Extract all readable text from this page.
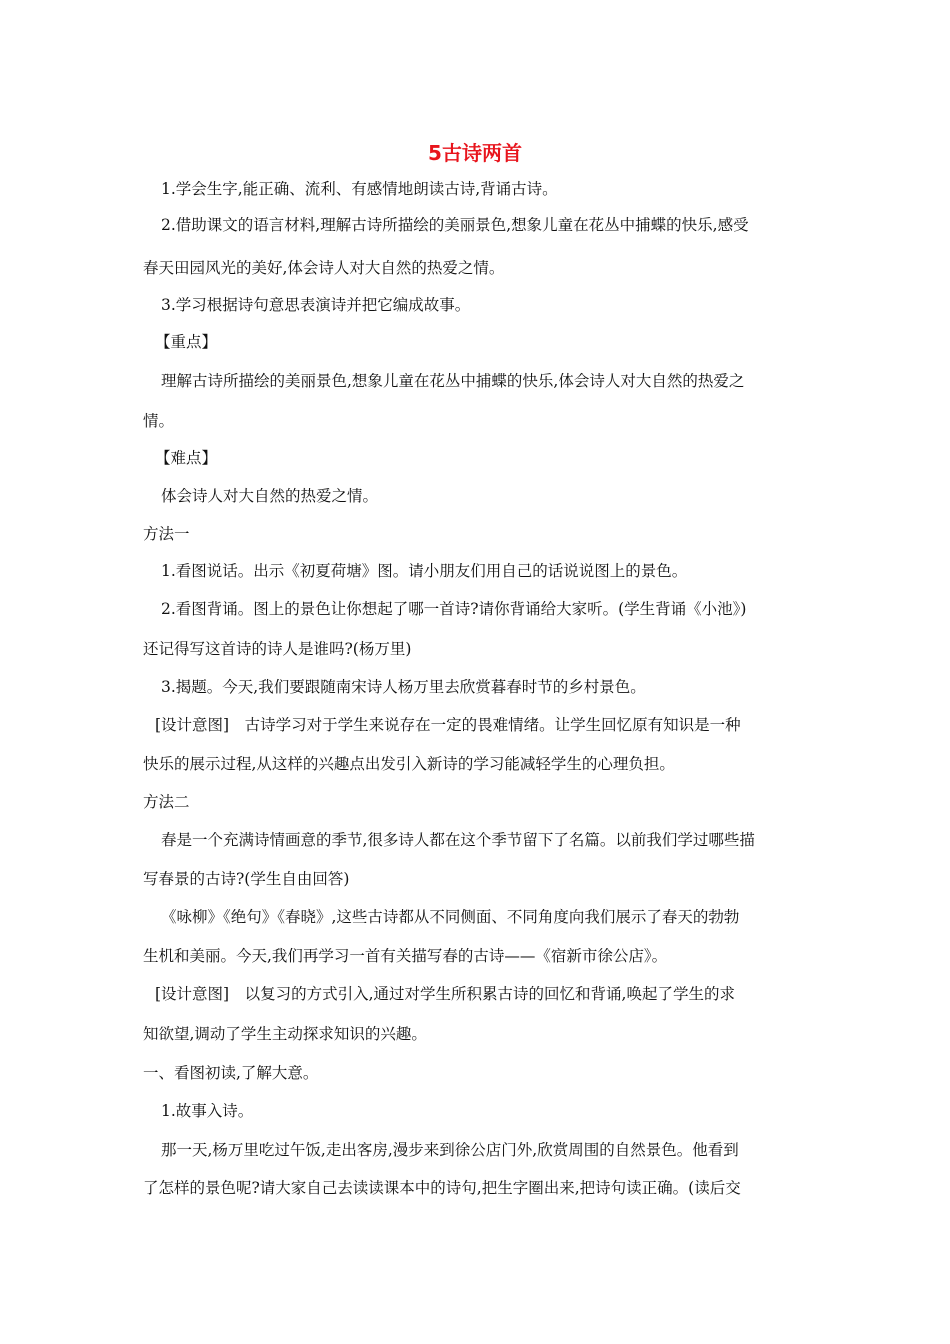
5古诗两首

1.学会生字,能正确、流利、有感情地朗读古诗,背诵古诗。

2.借助课文的语言材料,理解古诗所描绘的美丽景色,想象儿童在花丛中捕蝶的快乐,感受

春天田园风光的美好,体会诗人对大自然的热爱之情。

3.学习根据诗句意思表演诗并把它编成故事。

【重点】

理解古诗所描绘的美丽景色,想象儿童在花丛中捕蝶的快乐,体会诗人对大自然的热爱之

情。

【难点】

体会诗人对大自然的热爱之情。

方法一

1.看图说话。出示《初夏荷塘》图。请小朋友们用自己的话说说图上的景色。

2.看图背诵。图上的景色让你想起了哪一首诗?请你背诵给大家听。(学生背诵《小池》)

还记得写这首诗的诗人是谁吗?(杨万里)

3.揭题。今天,我们要跟随南宋诗人杨万里去欣赏暮春时节的乡村景色。

[设计意图]　古诗学习对于学生来说存在一定的畏难情绪。让学生回忆原有知识是一种

快乐的展示过程,从这样的兴趣点出发引入新诗的学习能减轻学生的心理负担。

方法二

春是一个充满诗情画意的季节,很多诗人都在这个季节留下了名篇。以前我们学过哪些描

写春景的古诗?(学生自由回答)

《咏柳》《绝句》《春晓》,这些古诗都从不同侧面、不同角度向我们展示了春天的勃勃

生机和美丽。今天,我们再学习一首有关描写春的古诗——《宿新市徐公店》。

[设计意图]　以复习的方式引入,通过对学生所积累古诗的回忆和背诵,唤起了学生的求

知欲望,调动了学生主动探求知识的兴趣。

一、看图初读,了解大意。

1.故事入诗。

那一天,杨万里吃过午饭,走出客房,漫步来到徐公店门外,欣赏周围的自然景色。他看到

了怎样的景色呢?请大家自己去读读课本中的诗句,把生字圈出来,把诗句读正确。(读后交
